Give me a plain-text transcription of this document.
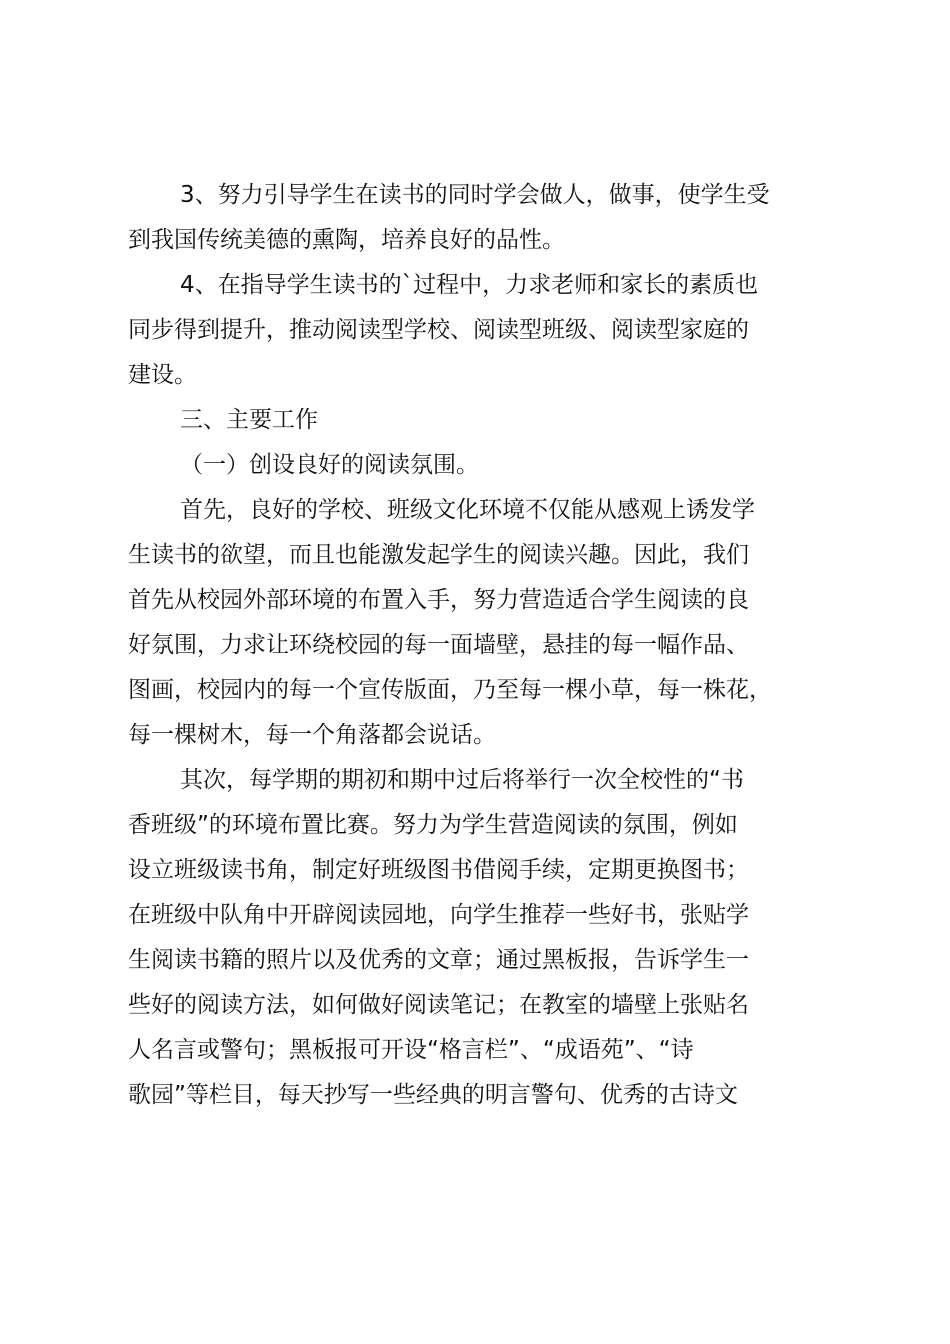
3、努力引导学生在读书的同时学会做人，做事，使学生受
到我国传统美德的熏陶，培养良好的品性。

4、在指导学生读书的`过程中，力求老师和家长的素质也
同步得到提升，推动阅读型学校、阅读型班级、阅读型家庭的
建设。

三、主要工作

（一）创设良好的阅读氛围。

首先，良好的学校、班级文化环境不仅能从感观上诱发学
生读书的欲望，而且也能激发起学生的阅读兴趣。因此，我们
首先从校园外部环境的布置入手，努力营造适合学生阅读的良
好氛围，力求让环绕校园的每一面墙壁，悬挂的每一幅作品、
图画，校园内的每一个宣传版面，乃至每一棵小草，每一株花，
每一棵树木，每一个角落都会说话。

其次，每学期的期初和期中过后将举行一次全校性的“书
香班级”的环境布置比赛。努力为学生营造阅读的氛围，例如
设立班级读书角，制定好班级图书借阅手续，定期更换图书；
在班级中队角中开辟阅读园地，向学生推荐一些好书，张贴学
生阅读书籍的照片以及优秀的文章；通过黑板报，告诉学生一
些好的阅读方法，如何做好阅读笔记；在教室的墙壁上张贴名
人名言或警句；黑板报可开设“格言栏”、“成语苑”、“诗
歌园”等栏目，每天抄写一些经典的明言警句、优秀的古诗文
